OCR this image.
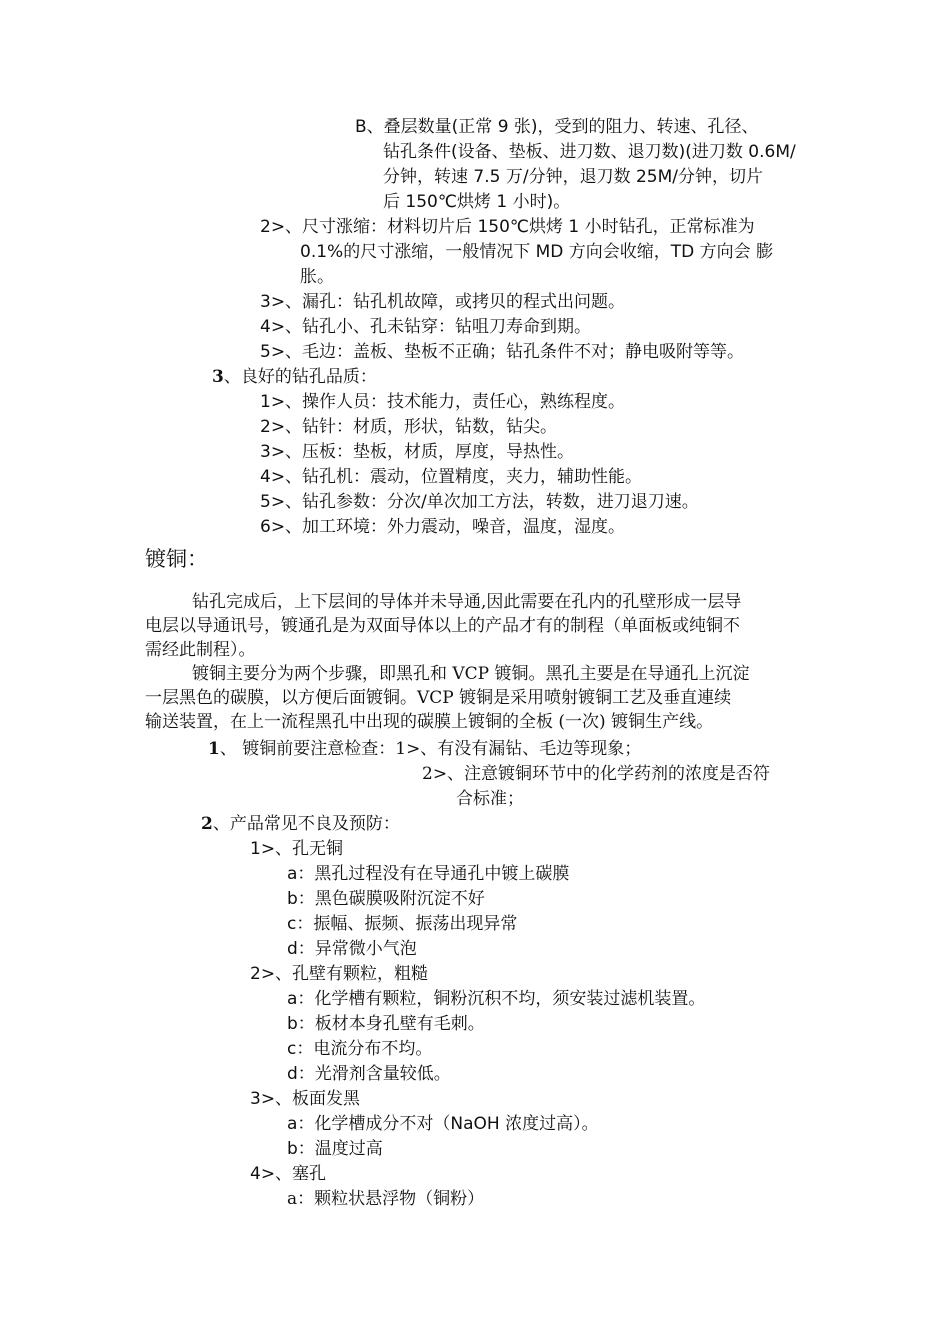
B、叠层数量(正常 9 张)，受到的阻力、转速、孔径、
钻孔条件(设备、垫板、进刀数、退刀数)(进刀数 0.6M/
分钟，转速 7.5 万/分钟，退刀数 25M/分钟，切片
后 150℃烘烤 1 小时)。
2>、尺寸涨缩：材料切片后 150℃烘烤 1 小时钻孔，正常标准为
0.1%的尺寸涨缩，一般情况下 MD 方向会收缩，TD 方向会 膨
胀。
3>、漏孔：钻孔机故障，或拷贝的程式出问题。
4>、钻孔小、孔未钻穿：钻咀刀寿命到期。
5>、毛边：盖板、垫板不正确；钻孔条件不对；静电吸附等等。
3、良好的钻孔品质：
1>、操作人员：技术能力，责任心，熟练程度。
2>、钻针：材质，形状，钻数，钻尖。
3>、压板：垫板，材质，厚度，导热性。
4>、钻孔机：震动，位置精度，夹力，辅助性能。
5>、钻孔参数：分次/单次加工方法，转数，进刀退刀速。
6>、加工环境：外力震动，噪音，温度，湿度。
镀铜：
钻孔完成后，上下层间的导体并未导通,因此需要在孔内的孔壁形成一层导
电层以导通讯号，镀通孔是为双面导体以上的产品才有的制程（单面板或纯铜不
需经此制程）。
镀铜主要分为两个步骤，即黑孔和 VCP 镀铜。黑孔主要是在导通孔上沉淀
一层黑色的碳膜，以方便后面镀铜。VCP 镀铜是采用喷射镀铜工艺及垂直連续
输送装置，在上一流程黑孔中出现的碳膜上镀铜的全板 (一次) 镀铜生产线。
1、 镀铜前要注意检查：1>、有没有漏钻、毛边等现象；
2>、注意镀铜环节中的化学药剂的浓度是否符
合标准；
2、产品常见不良及预防：
1>、孔无铜
a：黑孔过程没有在导通孔中镀上碳膜
b：黑色碳膜吸附沉淀不好
c：振幅、振频、振荡出现异常
d：异常微小气泡
2>、孔壁有颗粒，粗糙
a：化学槽有颗粒，铜粉沉积不均，须安装过滤机装置。
b：板材本身孔壁有毛刺。
c：电流分布不均。
d：光滑剂含量较低。
3>、板面发黑
a：化学槽成分不对（NaOH 浓度过高）。
b：温度过高
4>、塞孔
a：颗粒状悬浮物（铜粉）
